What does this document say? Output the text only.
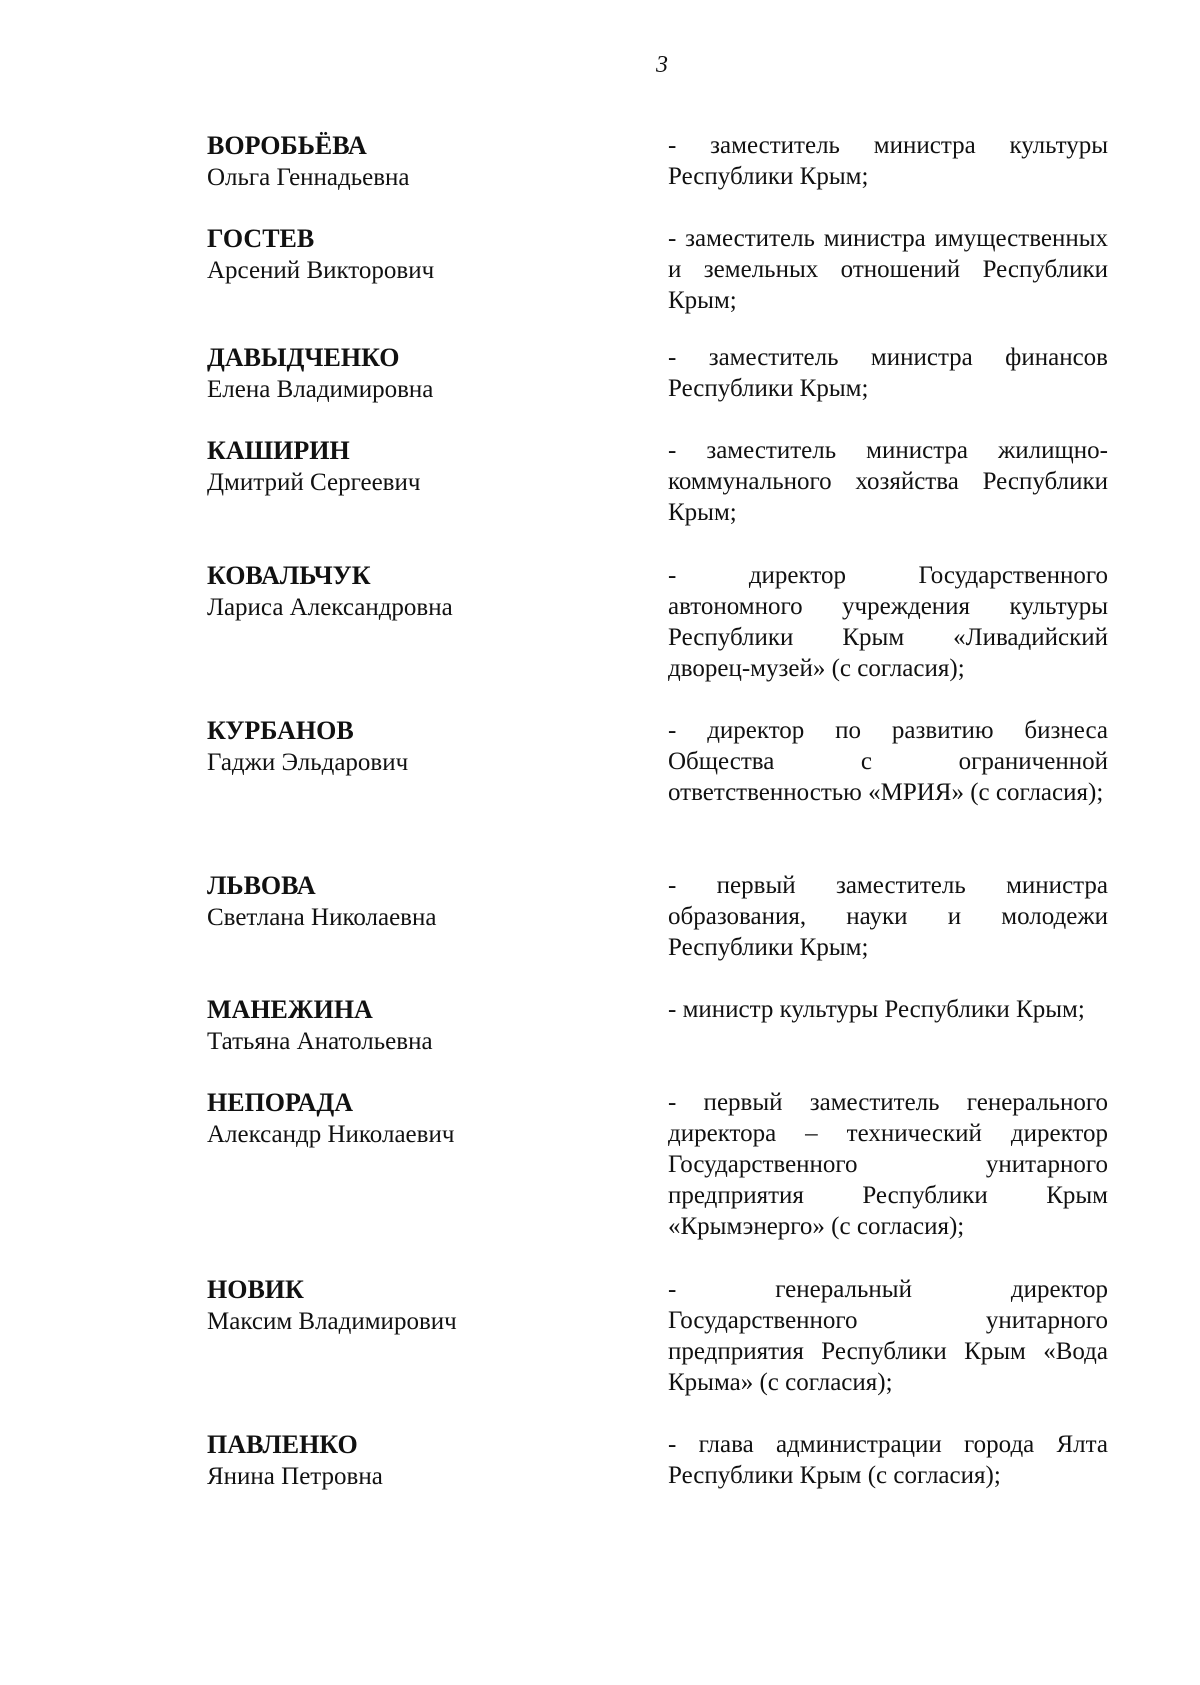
3
ВОРОБЬЁВА
Ольга Геннадьевна
- заместитель министра культуры Республики Крым;
ГОСТЕВ
Арсений Викторович
- заместитель министра имущественных и земельных отношений Республики Крым;
ДАВЫДЧЕНКО
Елена Владимировна
- заместитель министра финансов Республики Крым;
КАШИРИН
Дмитрий Сергеевич
- заместитель министра жилищно-коммунального хозяйства Республики Крым;
КОВАЛЬЧУК
Лариса Александровна
- директор Государственного автономного учреждения культуры Республики Крым «Ливадийский дворец-музей» (с согласия);
КУРБАНОВ
Гаджи Эльдарович
- директор по развитию бизнеса Общества с ограниченной ответственностью «МРИЯ» (с согласия);
ЛЬВОВА
Светлана Николаевна
- первый заместитель министра образования, науки и молодежи Республики Крым;
МАНЕЖИНА
Татьяна Анатольевна
- министр культуры Республики Крым;
НЕПОРАДА
Александр Николаевич
- первый заместитель генерального директора – технический директор Государственного унитарного предприятия Республики Крым «Крымэнерго» (с согласия);
НОВИК
Максим Владимирович
- генеральный директор Государственного унитарного предприятия Республики Крым «Вода Крыма» (с согласия);
ПАВЛЕНКО
Янина Петровна
- глава администрации города Ялта Республики Крым (с согласия);
